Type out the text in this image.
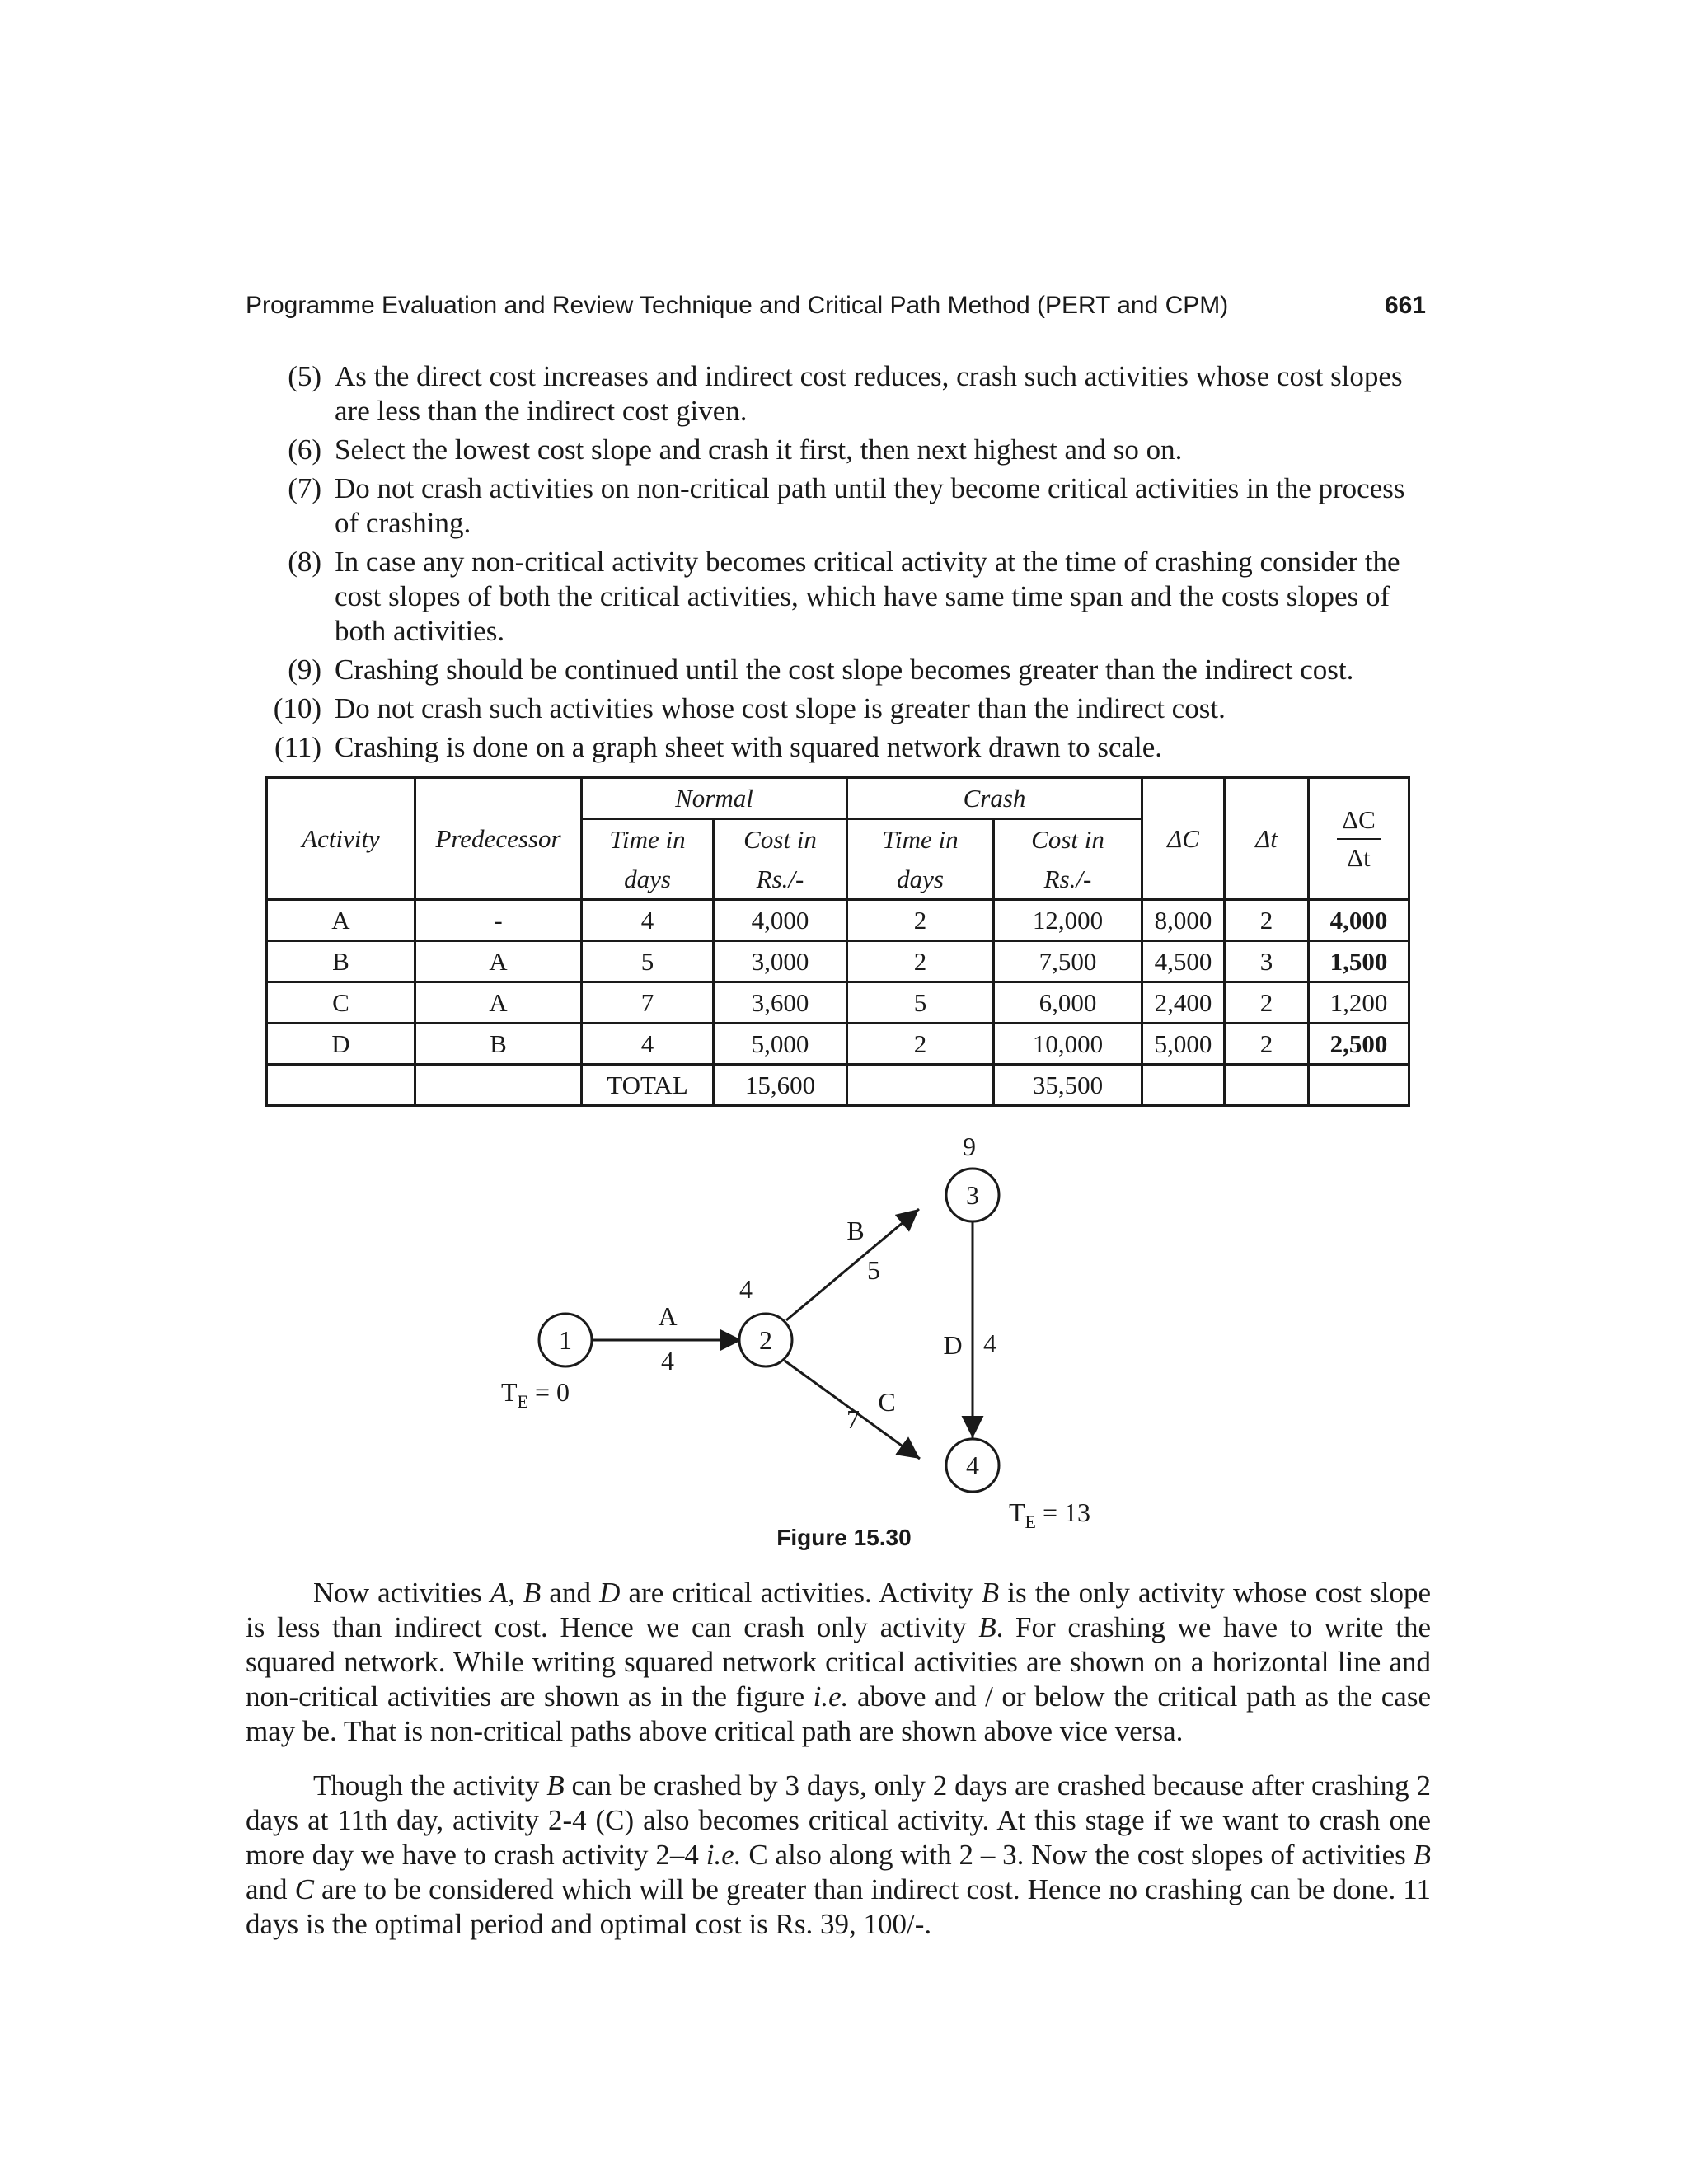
Programme Evaluation and Review Technique and Critical Path Method (PERT and CPM)	661
(5) As the direct cost increases and indirect cost reduces, crash such activities whose cost slopes are less than the indirect cost given.
(6) Select the lowest cost slope and crash it first, then next highest and so on.
(7) Do not crash activities on non-critical path until they become critical activities in the process of crashing.
(8) In case any non-critical activity becomes critical activity at the time of crashing consider the cost slopes of both the critical activities, which have same time span and the costs slopes of both activities.
(9) Crashing should be continued until the cost slope becomes greater than the indirect cost.
(10) Do not crash such activities whose cost slope is greater than the indirect cost.
(11) Crashing is done on a graph sheet with squared network drawn to scale.
Activity	Predecessor	Normal		Crash		ΔC	Δt	$\frac{\Delta C}{\Delta t}$

		Time in	Cost in	Time in	Cost in			
		days	Rs./-	days	Rs./-			
A	-	4	4,000	2	12,000	8,000	2	4,000
B	A	5	3,000	2	7,500	4,500	3	1,500
C	A	7	3,600	5	6,000	2,400	2	1,200
D	B	4	5,000	2	10,000	5,000	2	2,500
		TOTAL	15,600		35,500			
1	2
3
4
A
4
B
5
C
7
D 4
4
9
$T_E = 0$
$T_E = 13$
Figure 15.30

Now activities A, B and D are critical activities. Activity B is the only activity whose cost slope is less than indirect cost. Hence we can crash only activity B. For crashing we have to write the squared network. While writing squared network critical activities are shown on a horizontal line and non-critical activities are shown as in the figure i.e. above and / or below the critical path as the case may be. That is non-critical paths above critical path are shown above vice versa.

Though the activity B can be crashed by 3 days, only 2 days are crashed because after crashing 2 days at 11th day, activity 2-4 (C) also becomes critical activity. At this stage if we want to crash one more day we have to crash activity 2–4 i.e. C also along with 2 – 3. Now the cost slopes of activities B and C are to be considered which will be greater than indirect cost. Hence no crashing can be done. 11 days is the optimal period and optimal cost is Rs. 39, 100/-.
